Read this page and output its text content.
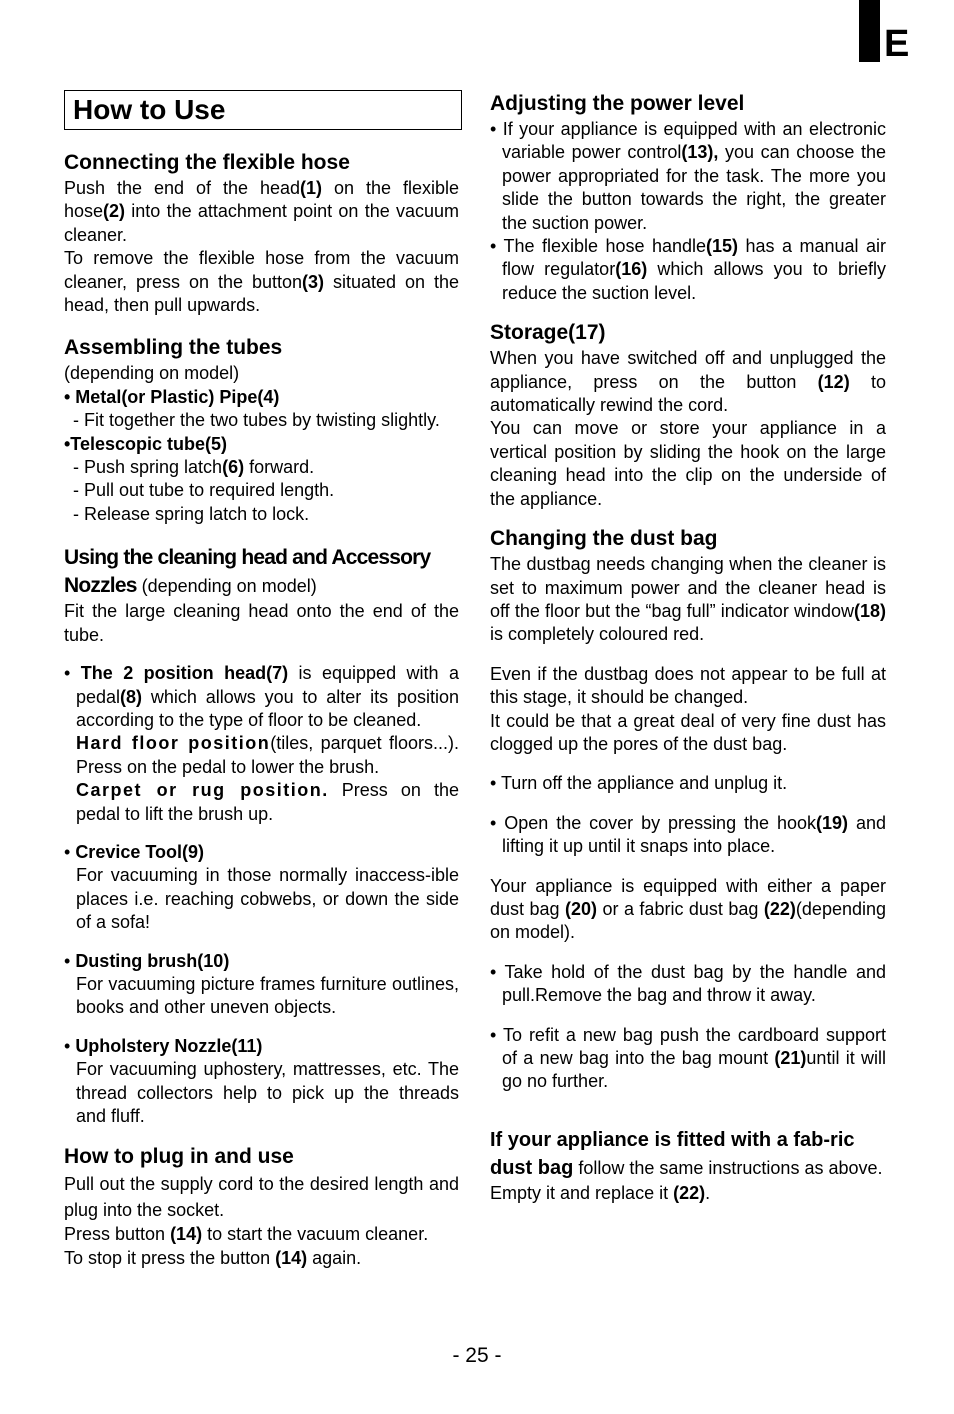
E
How to Use
Connecting the flexible hose

Push the end of the head(1) on the flexible hose(2) into the attachment point on the vacuum cleaner.

To remove the flexible hose from the vacuum cleaner, press on the button(3) situated on the head, then pull upwards.

Assembling the tubes

(depending on model)

• Metal(or Plastic) Pipe(4)

- Fit together the two tubes by twisting slightly.

•Telescopic tube(5)

- Push spring latch(6) forward.

- Pull out tube to required length.

- Release spring latch to lock.

Using the cleaning head and Accessory Nozzles (depending on model)

Fit the large cleaning head onto the end of the tube.

• The 2 position head(7) is equipped with a pedal(8) which allows you to alter its position according to the type of floor to be cleaned.

Hard floor position(tiles, parquet floors...). Press on the pedal to lower the brush.

Carpet or rug position. Press on the pedal to lift the brush up.

• Crevice Tool(9)

For vacuuming in those normally inaccess-ible places i.e. reaching cobwebs, or down the side of a sofa!

• Dusting brush(10)

For vacuuming picture frames furniture outlines, books and other uneven objects.

• Upholstery Nozzle(11)

For vacuuming uphostery, mattresses, etc. The thread collectors help to pick up the threads and fluff.

How to plug in and use

Pull out the supply cord to the desired length and plug into the socket.

Press button (14) to start the vacuum cleaner.

To stop it press the button (14) again.

Adjusting the power level

• If your appliance is equipped with an electronic variable power control(13), you can choose the power appropriated for the task. The more you slide the button towards the right, the greater the suction power.

• The flexible hose handle(15) has a manual air flow regulator(16) which allows you to briefly reduce the suction level.

Storage(17)

When you have switched off and unplugged the appliance, press on the button (12) to automatically rewind the cord.

You can move or store your appliance in a vertical position by sliding the hook on the large cleaning head into the clip on the underside of the appliance.

Changing the dust bag

The dustbag needs changing when the cleaner is set to maximum power and the cleaner head is off the floor but the “bag full” indicator window(18) is completely coloured red.

Even if the dustbag does not appear to be full at this stage, it should be changed.

It could be that a great deal of very fine dust has clogged up the pores of the dust bag.

• Turn off the appliance and unplug it.

• Open the cover by pressing the hook(19) and lifting it up until it snaps into place.

Your appliance is equipped with either a paper dust bag (20) or a fabric dust bag (22)(depending on model).

• Take hold of the dust bag by the handle and pull.Remove the bag and throw it away.

• To refit a new bag push the cardboard support of a new bag into the bag mount (21)until it will go no further.

If your appliance is fitted with a fab-ric dust bag follow the same instructions as above.

Empty it and replace it (22).

- 25 -
